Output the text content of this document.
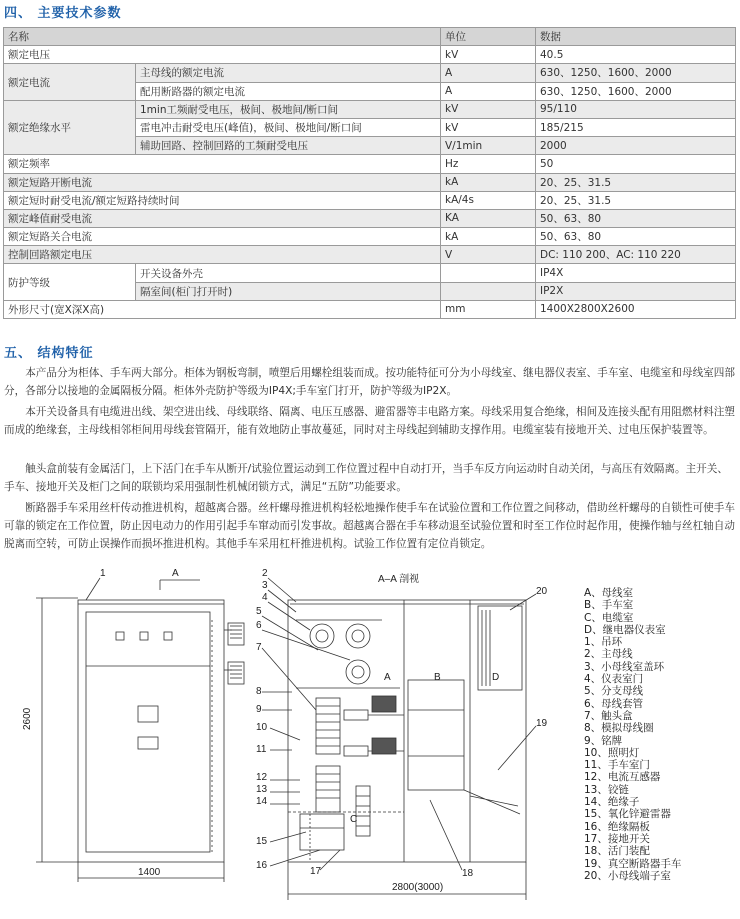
四、 主要技术参数
名称		单位	数据
额定电压		kV	40.5
额定电流	主母线的额定电流	A	630、1250、1600、2000
	配用断路器的额定电流	A	630、1250、1600、2000
额定绝缘水平	1min工频耐受电压，极间、极地间/断口间	kV	95/110
	雷电冲击耐受电压(峰值)，极间、极地间/断口间	kV	185/215
	辅助回路、控制回路的工频耐受电压	V/1min	2000
额定频率		Hz	50
额定短路开断电流		kA	20、25、31.5
额定短时耐受电流/额定短路持续时间		kA/4s	20、25、31.5
额定峰值耐受电流		KA	50、63、80
额定短路关合电流		kA	50、63、80
控制回路额定电压		V	DC: 110 200、AC: 110 220
防护等级	开关设备外壳		IP4X
	隔室间(柜门打开时)		IP2X
外形尺寸(宽X深X高)		mm	1400X2800X2600
五、 结构特征
本产品分为柜体、手车两大部分。柜体为钢板弯制，喷塑后用螺栓组装而成。按功能特征可分为小母线室、继电器仪表室、手车室、电缆室和母线室四部分，各部分以接地的金属隔板分隔。柜体外壳防护等级为IP4X;手车室门打开，防护等级为IP2X。
本开关设备具有电缆进出线、架空进出线、母线联络、隔离、电压互感器、避雷器等丰电路方案。母线采用复合绝缘，相间及连接头配有用阻燃材料注塑而成的绝缘套，主母线相邻柜间用母线套管隔开，能有效地防止事故蔓延，同时对主母线起到辅助支撑作用。电缆室装有接地开关、过电压保护装置等。
触头盒前装有金属活门，上下活门在手车从断开/试验位置运动到工作位置过程中自动打开，当手车反方向运动时自动关闭，与高压有效隔离。主开关、手车、接地开关及柜门之间的联锁均采用强制性机械闭锁方式，满足“五防”功能要求。
断路器手车采用丝杆传动推进机构，超越离合器。丝杆螺母推进机构轻松地操作使手车在试验位置和工作位置之间移动，借助丝杆螺母的自锁性可使手车可靠的锁定在工作位置，防止因电动力的作用引起手车窜动而引发事故。超越离合器在手车移动退至试验位置和时至工作位时起作用，使操作轴与丝杠轴自动脱离而空转，可防止误操作而损坏推进机构。其他手车采用杠杆推进机构。试验工作位置有定位肖锁定。
2600
1400
A
A–A 剖视
A	B
C
D
2800(3000)
1	2
3
4
5
6
7
8
9
10
11
12
13
14
15
16
17	18
19
20	A、母线室
B、手车室
C、电缆室
D、继电器仪表室
1、吊环
2、主母线
3、小母线室盖环
4、仪表室门
5、分支母线
6、母线套管
7、触头盒
8、模拟母线圈
9、铭牌
10、照明灯
11、手车室门
12、电流互感器
13、铰链
14、绝缘子
15、氧化锌避雷器
16、绝缘隔板
17、接地开关
18、活门装配
19、真空断路器手车
20、小母线端子室
